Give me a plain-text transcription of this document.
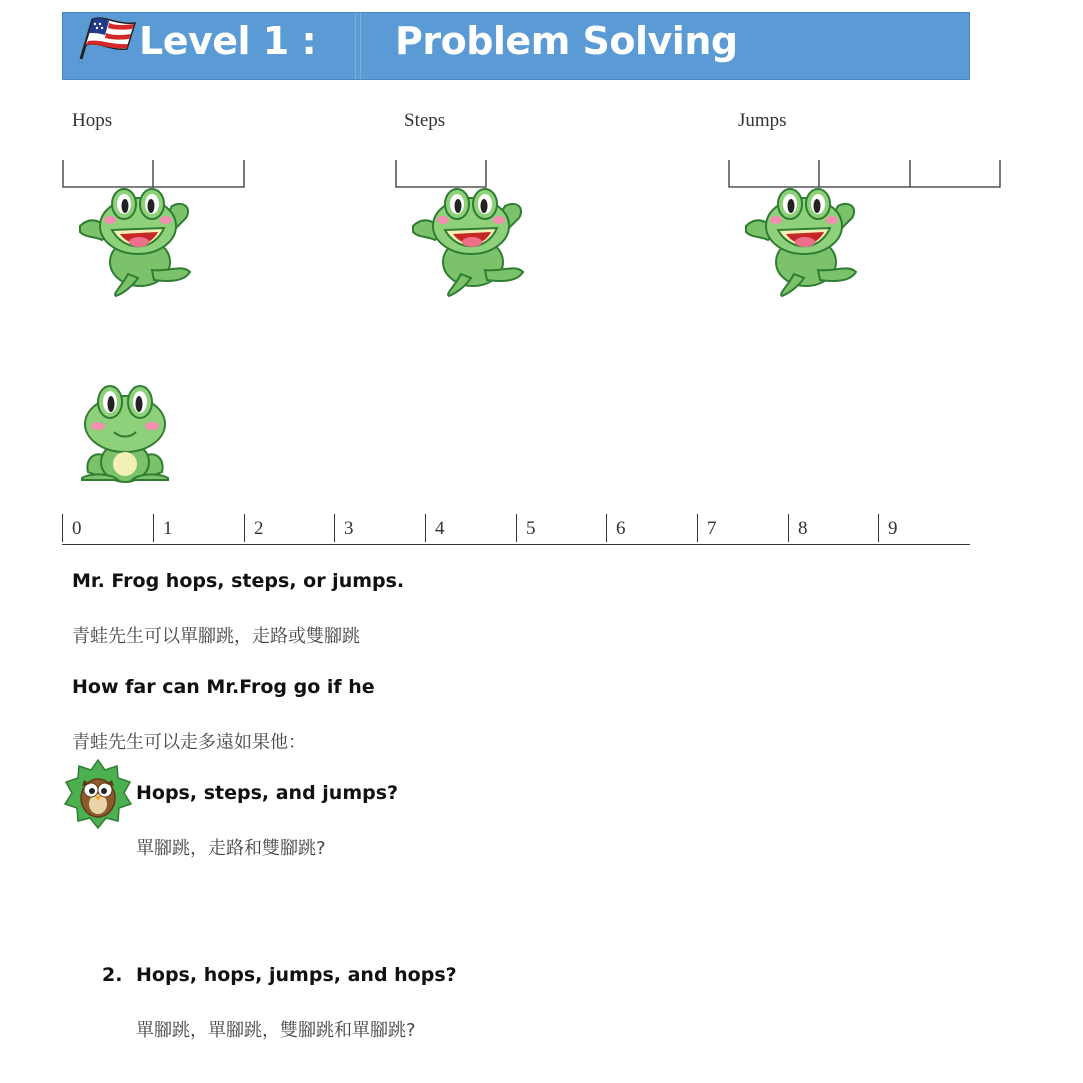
Level 1 : Problem Solving
Hops	Steps	Jumps
0	1	2	3	4	5	6	7	8	9
Mr. Frog hops, steps, or jumps.
青蛙先生可以單腳跳，走路或雙腳跳
How far can Mr.Frog go if he
青蛙先生可以走多遠如果他：
Hops, steps, and jumps?
單腳跳，走路和雙腳跳?
2. Hops, hops, jumps, and hops?
單腳跳，單腳跳，雙腳跳和單腳跳?
